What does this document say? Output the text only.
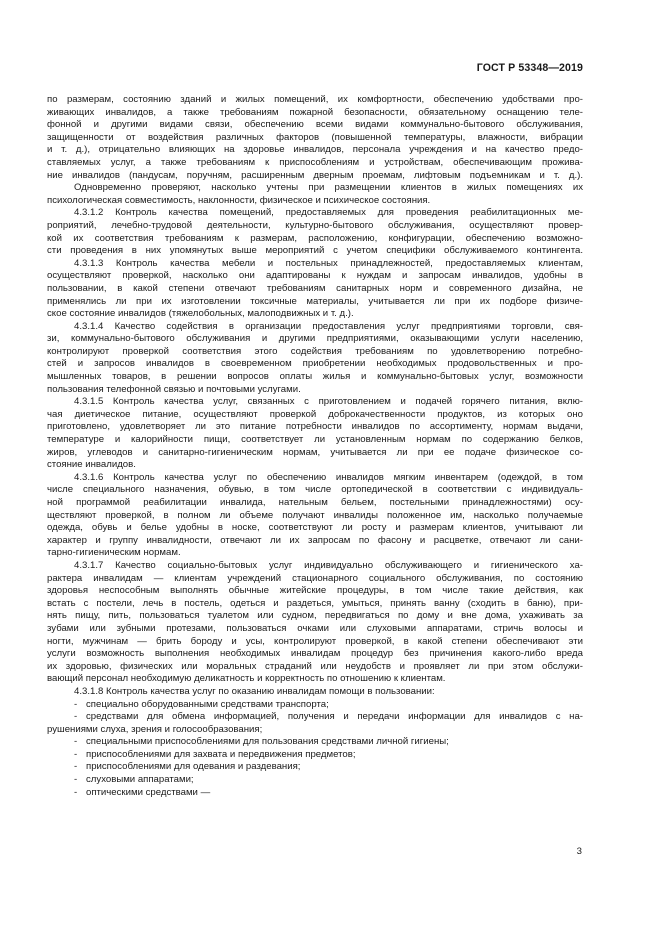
ГОСТ Р 53348—2019
по размерам, состоянию зданий и жилых помещений, их комфортности, обеспечению удобствами про-
живающих инвалидов, а также требованиям пожарной безопасности, обязательному оснащению теле-
фонной и другими видами связи, обеспечению всеми видами коммунально-бытового обслуживания,
защищенности от воздействия различных факторов (повышенной температуры, влажности, вибрации
и т. д.), отрицательно влияющих на здоровье инвалидов, персонала учреждения и на качество предо-
ставляемых услуг, а также требованиям к приспособлениям и устройствам, обеспечивающим прожива-
ние инвалидов (пандусам, поручням, расширенным дверным проемам, лифтовым подъемникам и т. д.).
Одновременно проверяют, насколько учтены при размещении клиентов в жилых помещениях их
психологическая совместимость, наклонности, физическое и психическое состояния.
4.3.1.2 Контроль качества помещений, предоставляемых для проведения реабилитационных ме-
роприятий, лечебно-трудовой деятельности, культурно-бытового обслуживания, осуществляют провер-
кой их соответствия требованиям к размерам, расположению, конфигурации, обеспечению возможно-
сти проведения в них упомянутых выше мероприятий с учетом специфики обслуживаемого контингента.
4.3.1.3 Контроль качества мебели и постельных принадлежностей, предоставляемых клиентам,
осуществляют проверкой, насколько они адаптированы к нуждам и запросам инвалидов, удобны в
пользовании, в какой степени отвечают требованиям санитарных норм и современного дизайна, не
применялись ли при их изготовлении токсичные материалы, учитывается ли при их подборе физиче-
ское состояние инвалидов (тяжелобольных, малоподвижных и т. д.).
4.3.1.4 Качество содействия в организации предоставления услуг предприятиями торговли, свя-
зи, коммунально-бытового обслуживания и другими предприятиями, оказывающими услуги населению,
контролируют проверкой соответствия этого содействия требованиям по удовлетворению потребно-
стей и запросов инвалидов в своевременном приобретении необходимых продовольственных и про-
мышленных товаров, в решении вопросов оплаты жилья и коммунально-бытовых услуг, возможности
пользования телефонной связью и почтовыми услугами.
4.3.1.5 Контроль качества услуг, связанных с приготовлением и подачей горячего питания, вклю-
чая диетическое питание, осуществляют проверкой доброкачественности продуктов, из которых оно
приготовлено, удовлетворяет ли это питание потребности инвалидов по ассортименту, нормам выдачи,
температуре и калорийности пищи, соответствует ли установленным нормам по содержанию белков,
жиров, углеводов и санитарно-гигиеническим нормам, учитывается ли при ее подаче физическое со-
стояние инвалидов.
4.3.1.6 Контроль качества услуг по обеспечению инвалидов мягким инвентарем (одеждой, в том
числе специального назначения, обувью, в том числе ортопедической в соответствии с индивидуаль-
ной программой реабилитации инвалида, нательным бельем, постельными принадлежностями) осу-
ществляют проверкой, в полном ли объеме получают инвалиды положенное им, насколько получаемые
одежда, обувь и белье удобны в носке, соответствуют ли росту и размерам клиентов, учитывают ли
характер и группу инвалидности, отвечают ли их запросам по фасону и расцветке, отвечают ли сани-
тарно-гигиеническим нормам.
4.3.1.7 Качество социально-бытовых услуг индивидуально обслуживающего и гигиенического ха-
рактера инвалидам — клиентам учреждений стационарного социального обслуживания, по состоянию
здоровья неспособным выполнять обычные житейские процедуры, в том числе такие действия, как
встать с постели, лечь в постель, одеться и раздеться, умыться, принять ванну (сходить в баню), при-
нять пищу, пить, пользоваться туалетом или судном, передвигаться по дому и вне дома, ухаживать за
зубами или зубными протезами, пользоваться очками или слуховыми аппаратами, стричь волосы и
ногти, мужчинам — брить бороду и усы, контролируют проверкой, в какой степени обеспечивают эти
услуги возможность выполнения необходимых инвалидам процедур без причинения какого-либо вреда
их здоровью, физических или моральных страданий или неудобств и проявляет ли при этом обслужи-
вающий персонал необходимую деликатность и корректность по отношению к клиентам.
4.3.1.8 Контроль качества услуг по оказанию инвалидам помощи в пользовании:
- специально оборудованными средствами транспорта;
- средствами для обмена информацией, получения и передачи информации для инвалидов с на-
рушениями слуха, зрения и голосообразования;
- специальными приспособлениями для пользования средствами личной гигиены;
- приспособлениями для захвата и передвижения предметов;
- приспособлениями для одевания и раздевания;
- слуховыми аппаратами;
- оптическими средствами —
3
